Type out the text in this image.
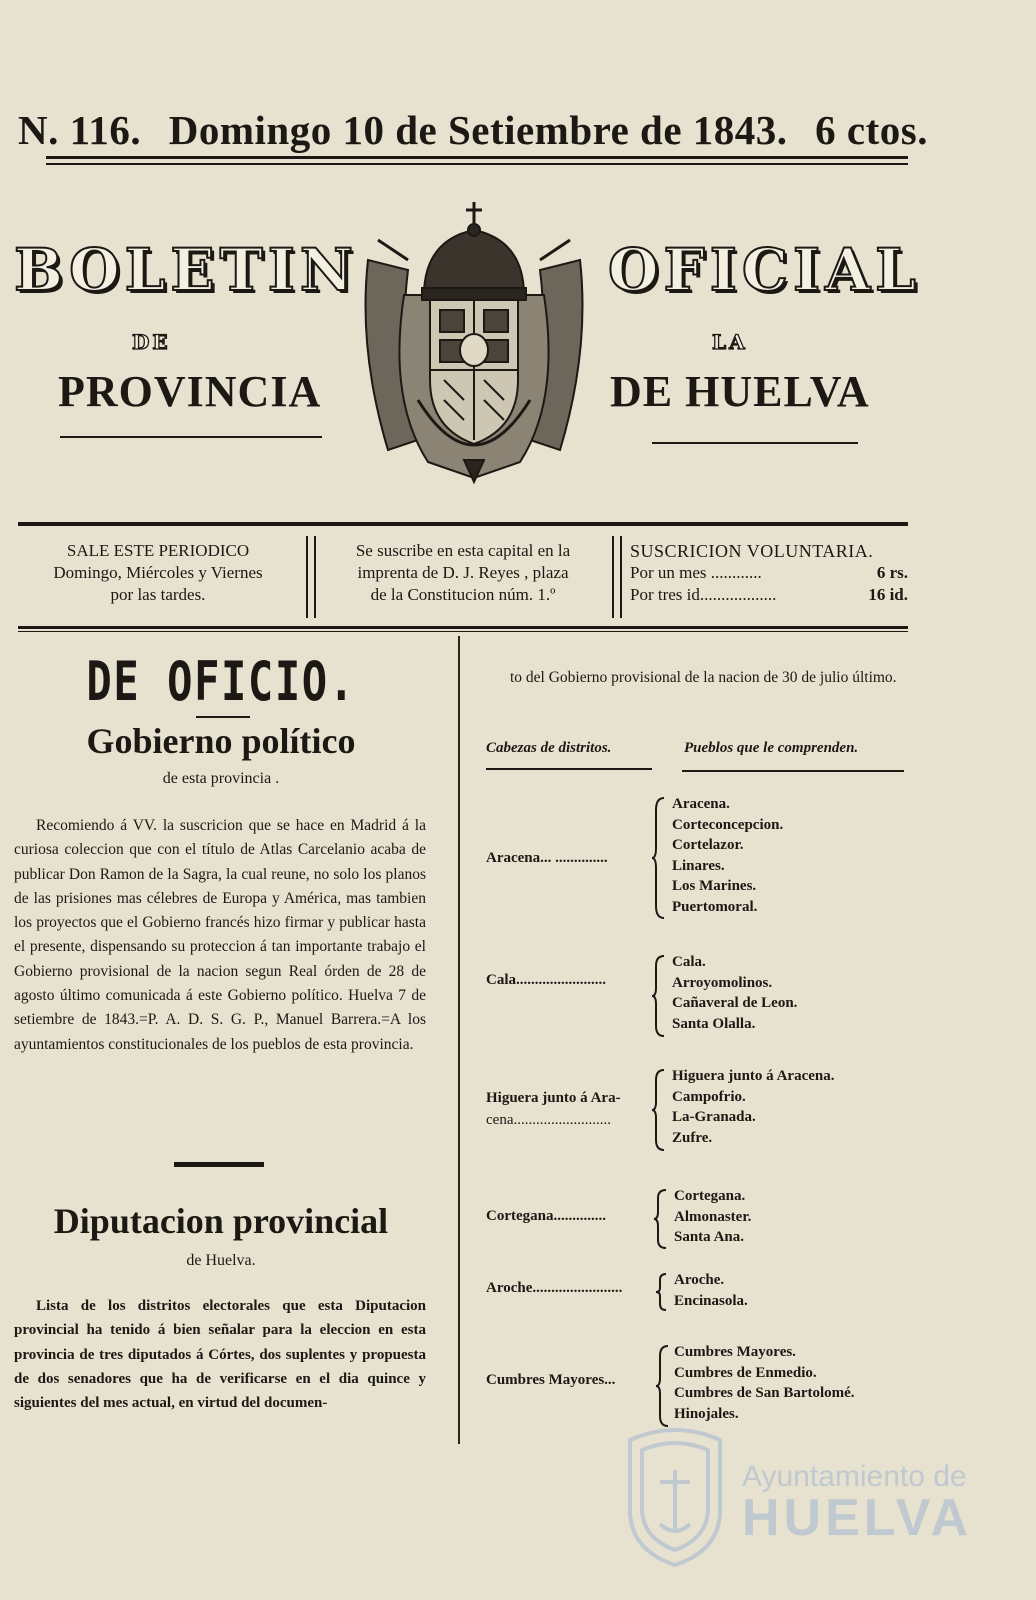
N. 116. Domingo 10 de Setiembre de 1843. 6 ctos.
BOLETIN	OFICIAL
DE	LA
PROVINCIA	DE HUELVA
SALE ESTE PERIODICO
Domingo, Miércoles y Viernes
por las tardes.
Se suscribe en esta capital en la
imprenta de D. J. Reyes , plaza
de la Constitucion núm. 1.º
SUSCRICION VOLUNTARIA.
Por un mes ............	6 rs.
Por tres id..................	16 id.
DE OFICIO.
Gobierno político
de esta provincia .
Recomiendo á VV. la suscricion que se hace en Madrid á la curiosa coleccion que con el título de Atlas Carcelanio acaba de publicar Don Ramon de la Sagra, la cual reune, no solo los planos de las prisiones mas célebres de Europa y América, mas tambien los proyectos que el Gobierno francés hizo firmar y publicar hasta el presente, dispensando su proteccion á tan importante trabajo el Gobierno provisional de la nacion segun Real órden de 28 de agosto último comunicada á este Gobierno político. Huelva 7 de setiembre de 1843.=P. A. D. S. G. P., Manuel Barrera.=A los ayuntamientos constitucionales de los pueblos de esta provincia.
Diputacion provincial
de Huelva.
Lista de los distritos electorales que esta Diputacion provincial ha tenido á bien señalar para la eleccion en esta provincia de tres diputados á Córtes, dos suplentes y propuesta de dos senadores que ha de verificarse en el dia quince y siguientes del mes actual, en virtud del documen-
to del Gobierno provisional de la nacion de 30 de julio último.
Cabezas de distritos.	Pueblos que le comprenden.
Aracena... ..............
Aracena.
Corteconcepcion.
Cortelazor.
Linares.
Los Marines.
Puertomoral.
Cala........................
Cala.
Arroyomolinos.
Cañaveral de Leon.
Santa Olalla.
Higuera junto á Ara-
cena..........................
Higuera junto á Aracena.
Campofrio.
La-Granada.
Zufre.
Cortegana..............
Cortegana.
Almonaster.
Santa Ana.
Aroche........................	Aroche.
Encinasola.
Cumbres Mayores...
Cumbres Mayores.
Cumbres de Enmedio.
Cumbres de San Bartolomé.
Hinojales.
Ayuntamiento de
HUELVA
